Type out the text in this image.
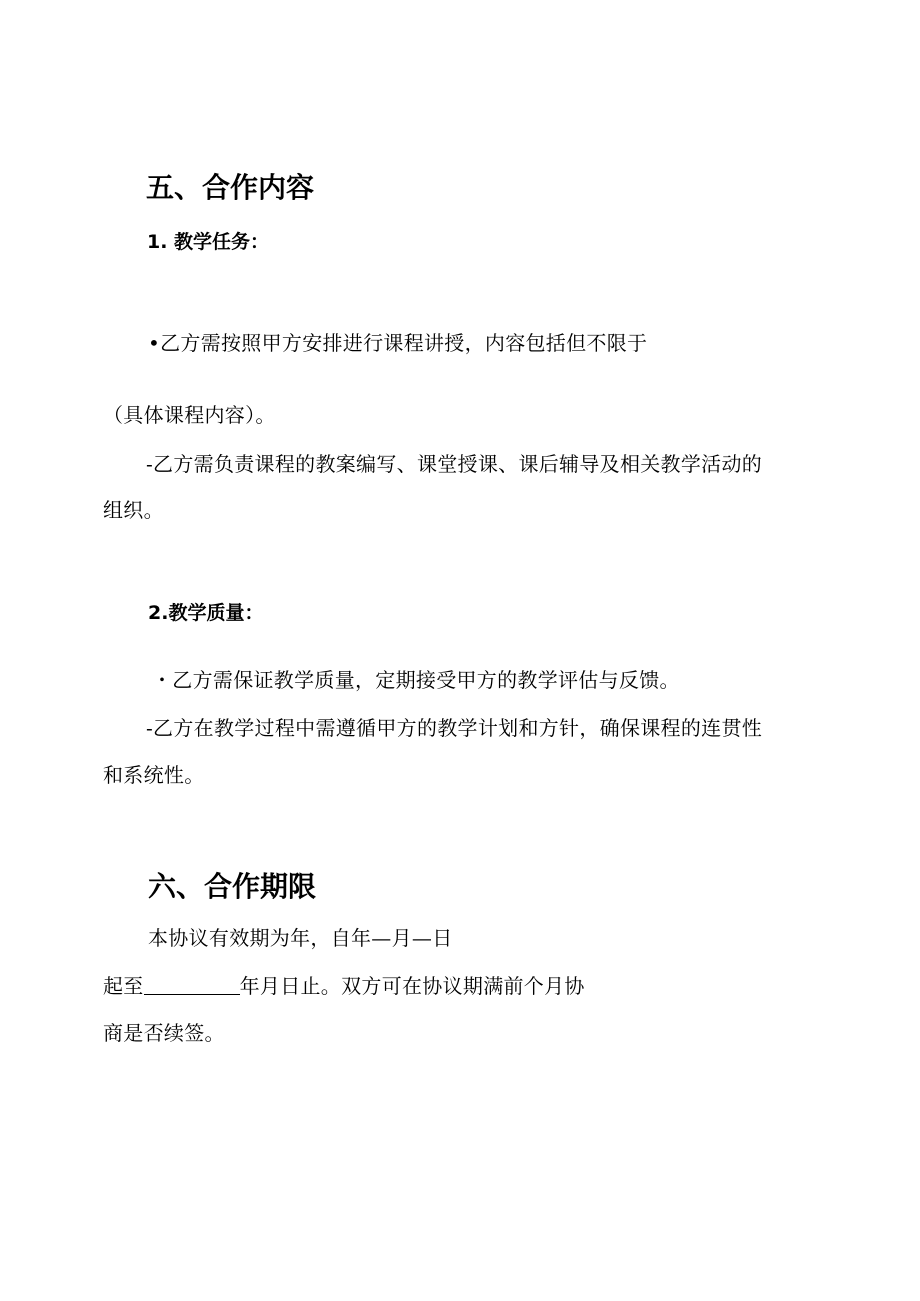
五、合作内容
1. 教学任务：
•乙方需按照甲方安排进行课程讲授，内容包括但不限于
（具体课程内容）。
-乙方需负责课程的教案编写、课堂授课、课后辅导及相关教学活动的
组织。
2.教学质量：
・乙方需保证教学质量，定期接受甲方的教学评估与反馈。
-乙方在教学过程中需遵循甲方的教学计划和方针，确保课程的连贯性
和系统性。
六、合作期限
本协议有效期为年，自年—月—日
起至	年月日止。双方可在协议期满前个月协
商是否续签。
